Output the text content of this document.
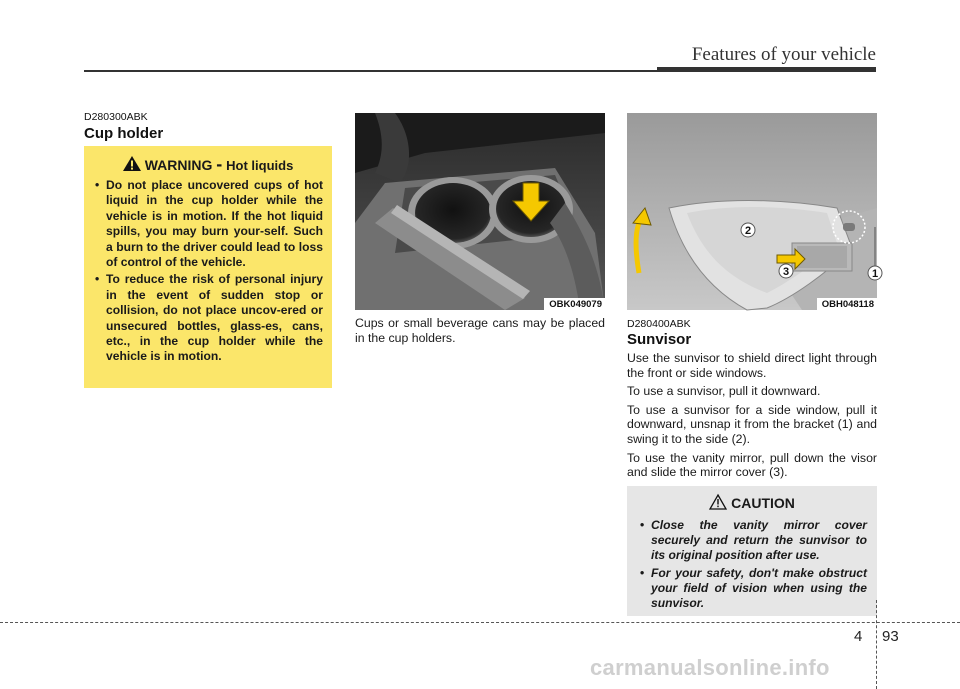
Features of your vehicle
D280300ABK
Cup holder
WARNING - Hot liquids
• Do not place uncovered cups of hot liquid in the cup holder while the vehicle is in motion. If the hot liquid spills, you may burn your-self. Such a burn to the driver could lead to loss of control of the vehicle.
• To reduce the risk of personal injury in the event of sudden stop or collision, do not place uncov-ered or unsecured bottles, glass-es, cans, etc., in the cup holder while the vehicle is in motion.
OBK049079
Cups or small beverage cans may be placed in the cup holders.
1
2
3
OBH048118
D280400ABK
Sunvisor
Use the sunvisor to shield direct light through the front or side windows.
To use a sunvisor, pull it downward.
To use a sunvisor for a side window, pull it downward, unsnap it from the bracket (1) and swing it to the side (2).
To use the vanity mirror, pull down the visor and slide the mirror cover (3).
CAUTION
• Close the vanity mirror cover securely and return the sunvisor to its original position after use.
• For your safety, don't make obstruct your field of vision when using the sunvisor.
4 93
carmanualsonline.info
